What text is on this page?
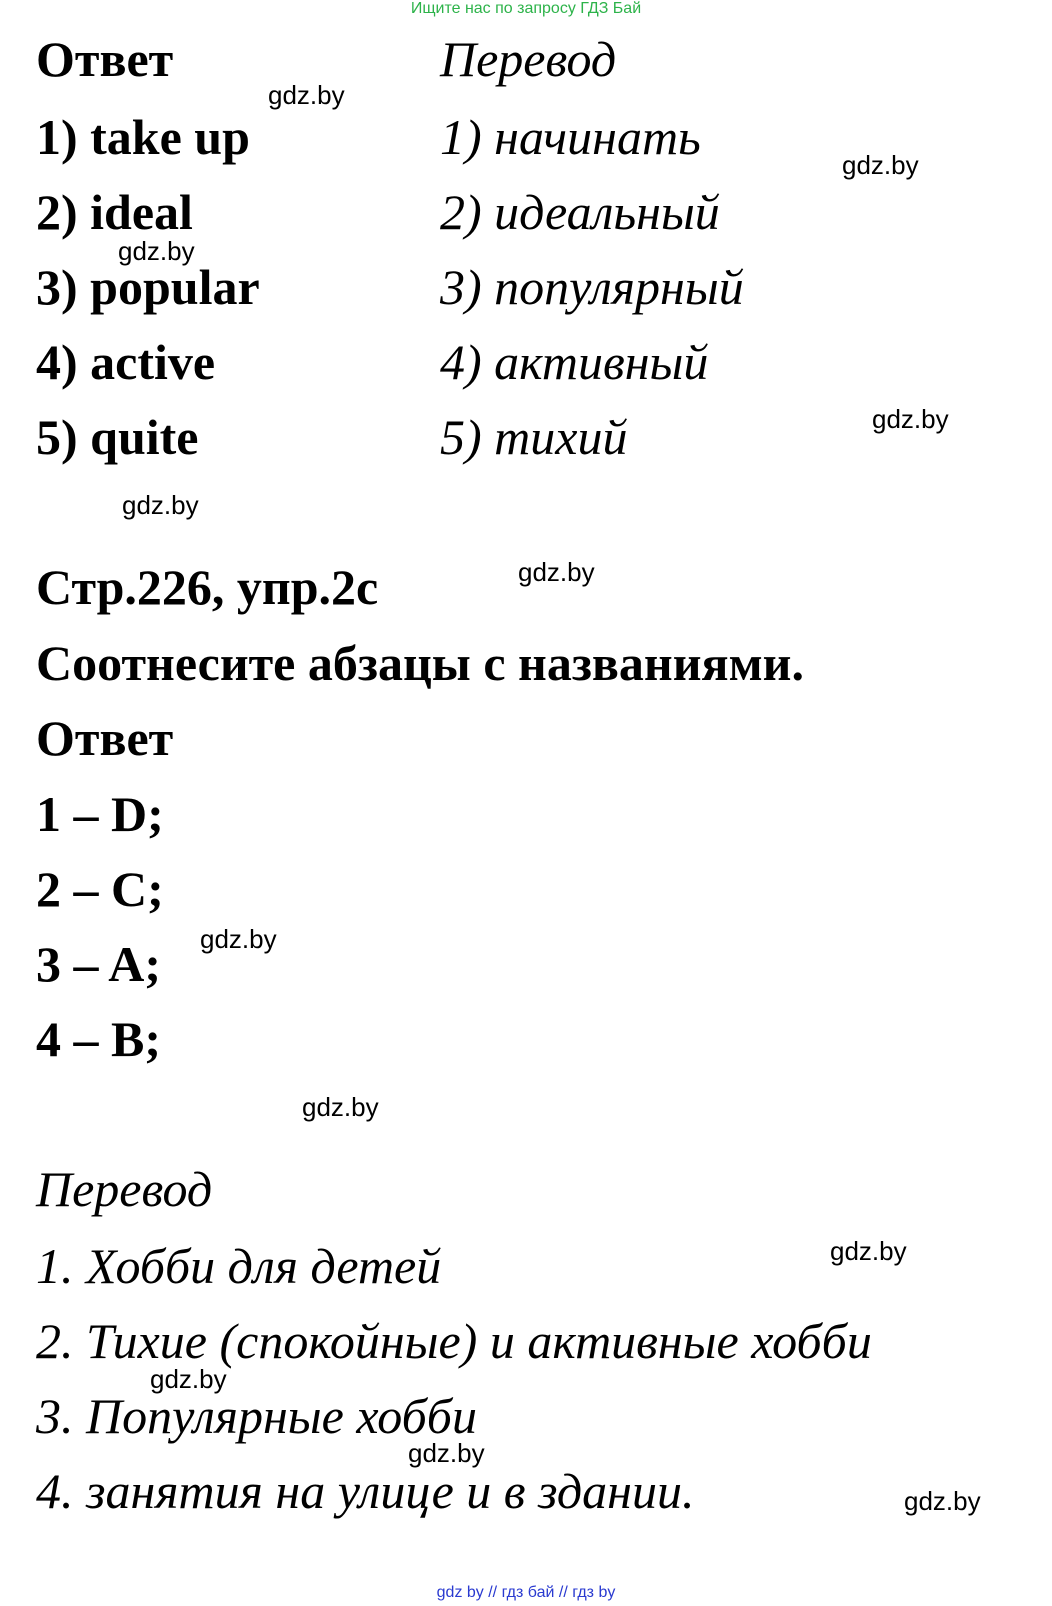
Ищите нас по запросу ГДЗ Бай
Ответ	Перевод
1) take up
2) ideal
3) popular
4) active
5) quite
1) начинать
2) идеальный
3) популярный
4) активный
5) тихий
Стр.226, упр.2с
Соотнесите абзацы с названиями.
Ответ
1 – D;
2 – C;
3 – A;
4 – B;
Перевод
1. Хобби для детей
2. Тихие (спокойные) и активные хобби
3. Популярные хобби
4. занятия на улице и в здании.
gdz.by
gdz.by
gdz.by
gdz.by
gdz.by
gdz.by
gdz.by
gdz.by
gdz.by
gdz.by
gdz.by
gdz.by
gdz by // гдз бай // гдз by
